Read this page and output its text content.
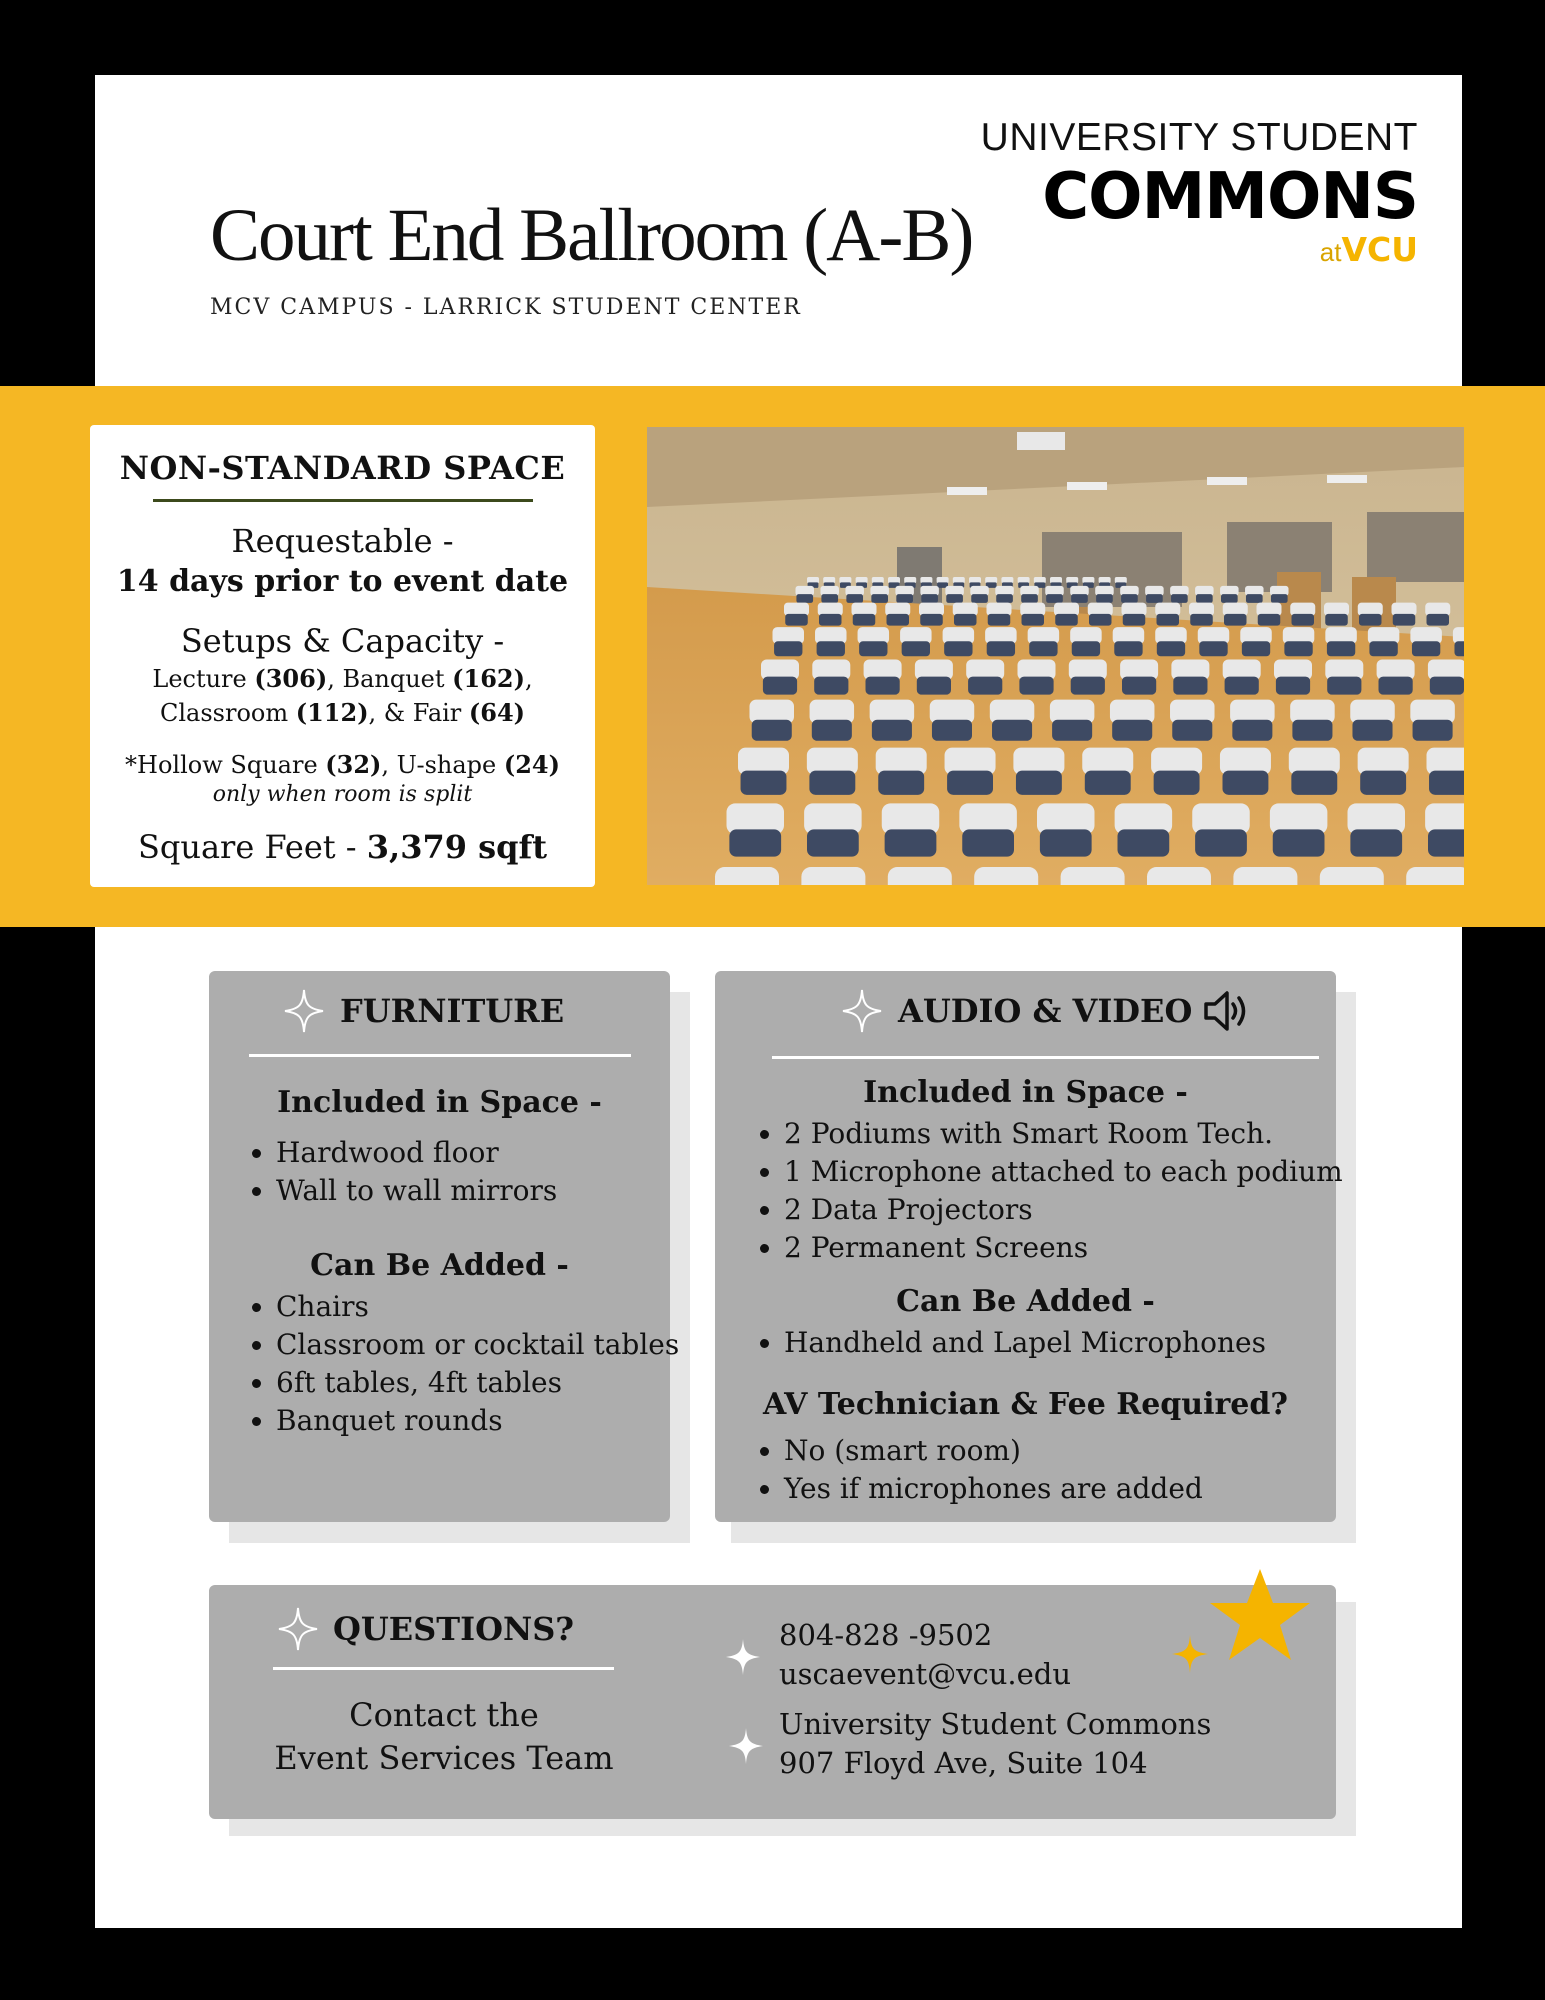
Court End Ballroom (A-B)
MCV CAMPUS - LARRICK STUDENT CENTER
UNIVERSITY STUDENT
COMMONS
atVCU
NON-STANDARD SPACE
Requestable -
14 days prior to event date
Setups & Capacity -
Lecture (306), Banquet (162),
Classroom (112), & Fair (64)
*Hollow Square (32), U-shape (24)
only when room is split
Square Feet - 3,379 sqft
FURNITURE
Included in Space -
• Hardwood floor
• Wall to wall mirrors
Can Be Added -
• Chairs
• Classroom or cocktail tables
• 6ft tables, 4ft tables
• Banquet rounds
AUDIO & VIDEO
Included in Space -
• 2 Podiums with Smart Room Tech.
• 1 Microphone attached to each podium
• 2 Data Projectors
• 2 Permanent Screens
Can Be Added -
• Handheld and Lapel Microphones
AV Technician & Fee Required?
• No (smart room)
• Yes if microphones are added
QUESTIONS?
Contact the
Event Services Team
804-828 -9502
uscaevent@vcu.edu
University Student Commons
907 Floyd Ave, Suite 104
